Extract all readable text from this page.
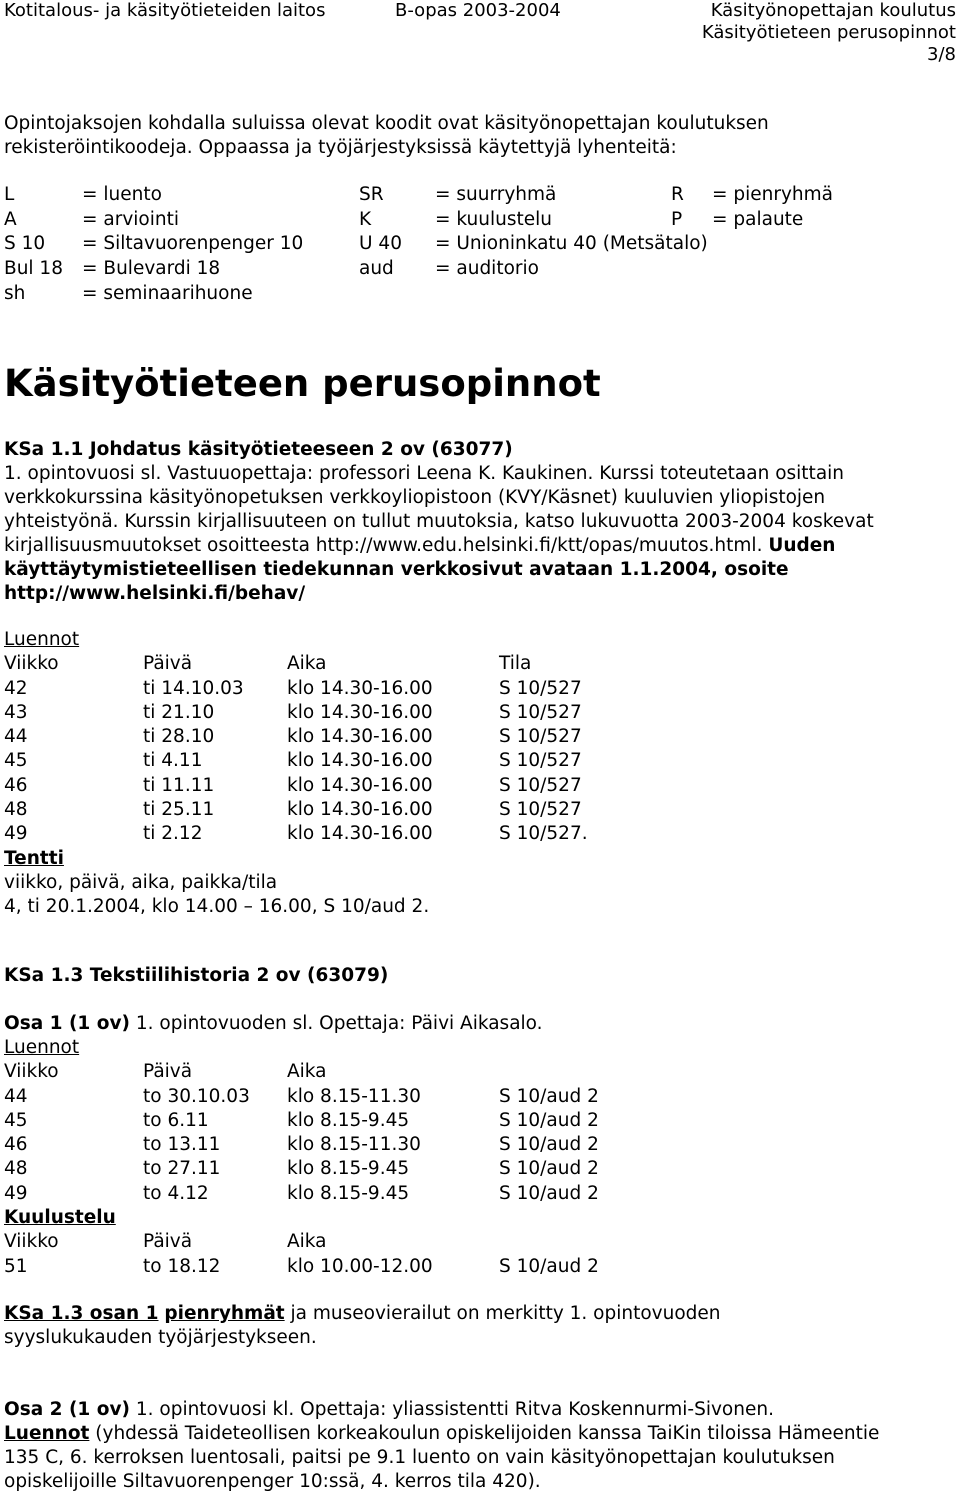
Kotitalous- ja käsityötieteiden laitos	B-opas 2003-2004	Käsityönopettajan koulutus
Käsityötieteen perusopinnot
3/8
Opintojaksojen kohdalla suluissa olevat koodit ovat käsityönopettajan koulutuksen
rekisteröintikoodeja. Oppaassa ja työjärjestyksissä käytettyjä lyhenteitä:
L	= luento	SR	= suurryhmä	R = pienryhmä
A	= arviointi	K	= kuulustelu	P = palaute
S 10 = Siltavuorenpenger 10	U 40 = Unioninkatu 40 (Metsätalo)
Bul 18 = Bulevardi 18	aud = auditorio
sh	= seminaarihuone
Käsityötieteen perusopinnot
KSa 1.1 Johdatus käsityötieteeseen 2 ov (63077)
1. opintovuosi sl. Vastuuopettaja: professori Leena K. Kaukinen. Kurssi toteutetaan osittain
verkkokurssina käsityönopetuksen verkkoyliopistoon (KVY/Käsnet) kuuluvien yliopistojen
yhteistyönä. Kurssin kirjallisuuteen on tullut muutoksia, katso lukuvuotta 2003-2004 koskevat
kirjallisuusmuutokset osoitteesta http://www.edu.helsinki.fi/ktt/opas/muutos.html. Uuden
käyttäytymistieteellisen tiedekunnan verkkosivut avataan 1.1.2004, osoite
http://www.helsinki.fi/behav/
Luennot
Viikko	Päivä	Aika	Tila
42	ti 14.10.03 klo 14.30-16.00	S 10/527
43	ti 21.10	klo 14.30-16.00	S 10/527
44	ti 28.10	klo 14.30-16.00	S 10/527
45	ti 4.11	klo 14.30-16.00	S 10/527
46	ti 11.11	klo 14.30-16.00	S 10/527
48	ti 25.11	klo 14.30-16.00	S 10/527
49	ti 2.12	klo 14.30-16.00	S 10/527.
Tentti
viikko, päivä, aika, paikka/tila
4, ti 20.1.2004, klo 14.00 – 16.00, S 10/aud 2.
KSa 1.3 Tekstiilihistoria 2 ov (63079)
Osa 1 (1 ov) 1. opintovuoden sl. Opettaja: Päivi Aikasalo.
Luennot
Viikko	Päivä	Aika
44	to 30.10.03 klo 8.15-11.30	S 10/aud 2
45	to 6.11	klo 8.15-9.45	S 10/aud 2
46	to 13.11	klo 8.15-11.30	S 10/aud 2
48	to 27.11	klo 8.15-9.45	S 10/aud 2
49	to 4.12	klo 8.15-9.45	S 10/aud 2
Kuulustelu
Viikko	Päivä	Aika
51	to 18.12	klo 10.00-12.00	S 10/aud 2
KSa 1.3 osan 1 pienryhmät ja museovierailut on merkitty 1. opintovuoden
syyslukukauden työjärjestykseen.
Osa 2 (1 ov) 1. opintovuosi kl. Opettaja: yliassistentti Ritva Koskennurmi-Sivonen.
Luennot (yhdessä Taideteollisen korkeakoulun opiskelijoiden kanssa TaiKin tiloissa Hämeentie
135 C, 6. kerroksen luentosali, paitsi pe 9.1 luento on vain käsityönopettajan koulutuksen
opiskelijoille Siltavuorenpenger 10:ssä, 4. kerros tila 420).
